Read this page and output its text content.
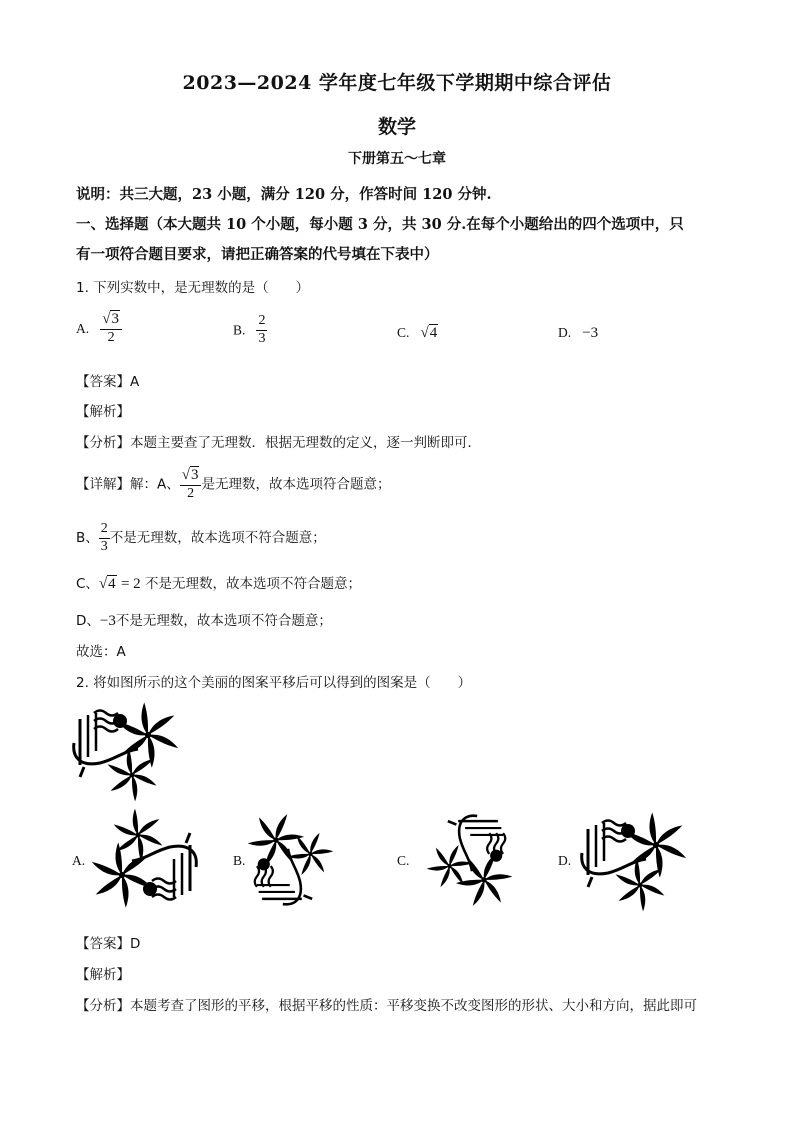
2023—2024 学年度七年级下学期期中综合评估
数学
下册第五～七章
说明：共三大题，23 小题，满分 120 分，作答时间 120 分钟.
一、选择题（本大题共 10 个小题，每小题 3 分，共 30 分.在每个小题给出的四个选项中，只
有一项符合题目要求，请把正确答案的代号填在下表中）
1. 下列实数中，是无理数的是（　　）
A. $\frac{√3}{2}$	B. $\frac{2}{3}$	C. √4	D. −3
【答案】A
【解析】
【分析】本题主要查了无理数．根据无理数的定义，逐一判断即可．
【详解】解：A、 $\frac{√3}{2}$ 是无理数，故本选项符合题意；
B、 $\frac{2}{3}$ 不是无理数，故本选项不符合题意；
C、√4 = 2 不是无理数，故本选项不符合题意；
D、−3不是无理数，故本选项不符合题意；
故选：A
2. 将如图所示的这个美丽的图案平移后可以得到的图案是（　　）
A.	B.	C.	D.
【答案】D
【解析】
【分析】本题考查了图形的平移，根据平移的性质：平移变换不改变图形的形状、大小和方向，据此即可
